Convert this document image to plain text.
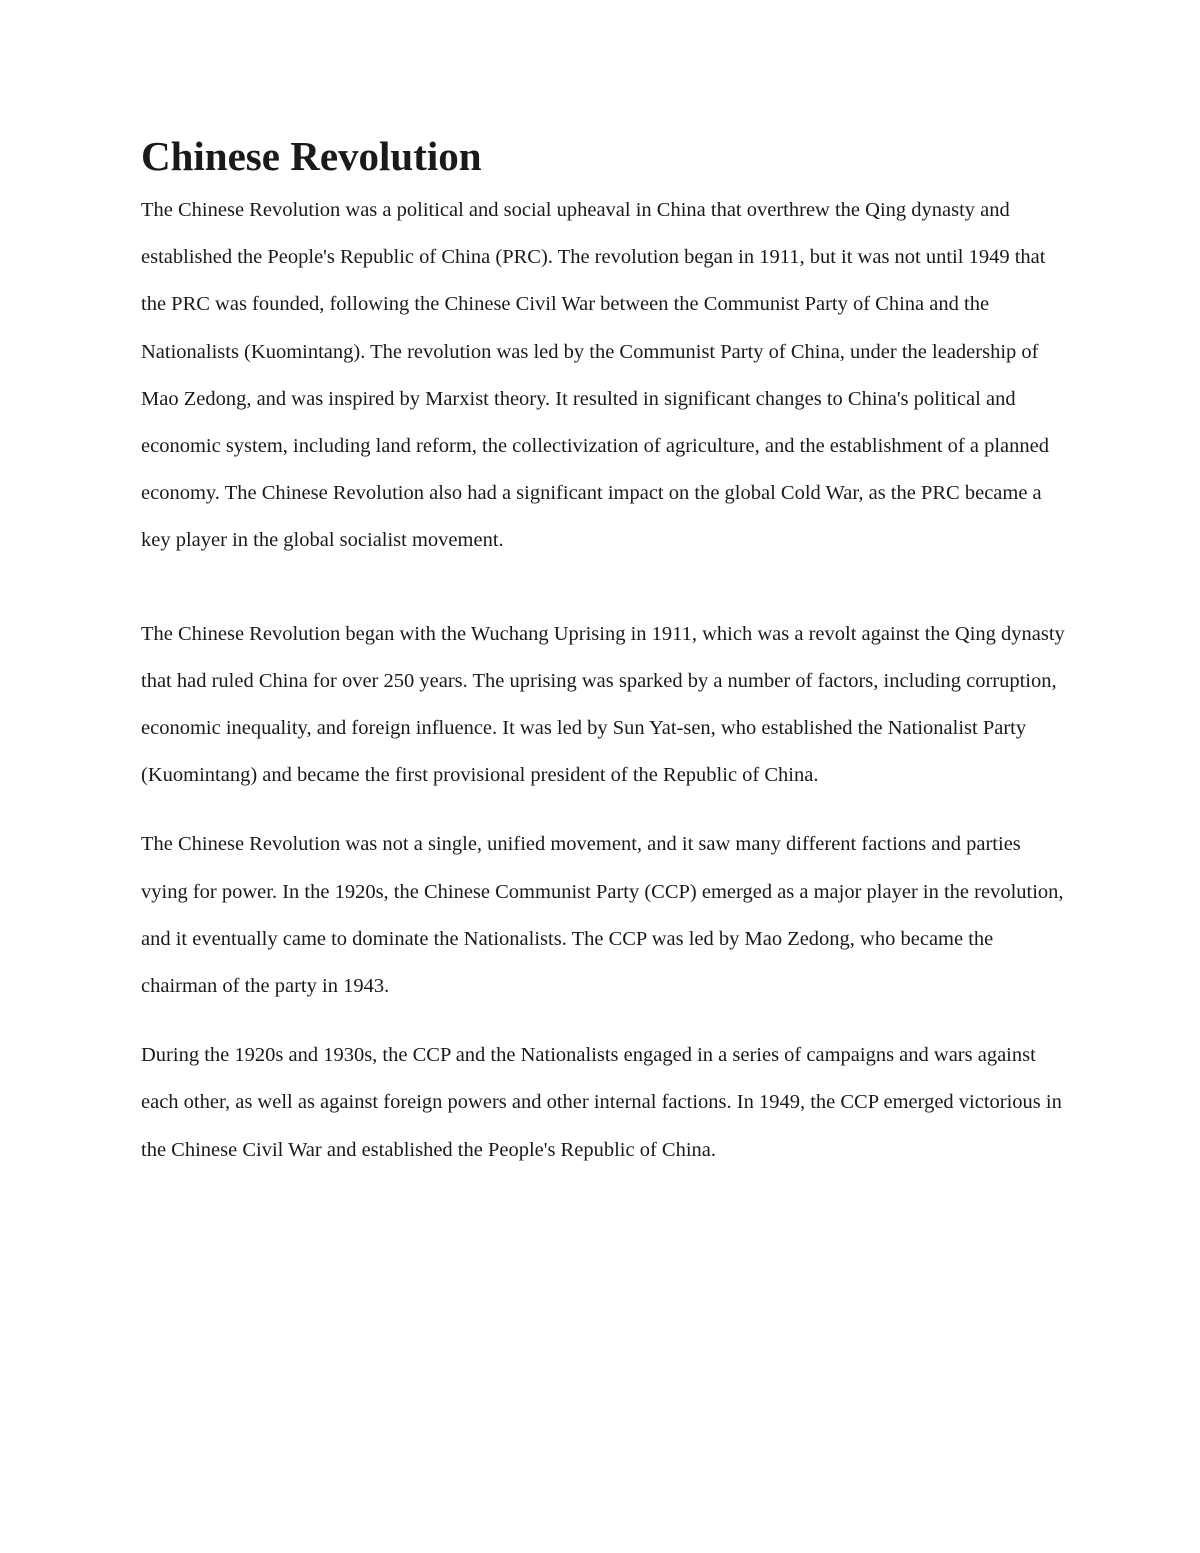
Chinese Revolution

The Chinese Revolution was a political and social upheaval in China that overthrew the Qing dynasty and established the People's Republic of China (PRC). The revolution began in 1911, but it was not until 1949 that the PRC was founded, following the Chinese Civil War between the Communist Party of China and the Nationalists (Kuomintang). The revolution was led by the Communist Party of China, under the leadership of Mao Zedong, and was inspired by Marxist theory. It resulted in significant changes to China's political and economic system, including land reform, the collectivization of agriculture, and the establishment of a planned economy. The Chinese Revolution also had a significant impact on the global Cold War, as the PRC became a key player in the global socialist movement.

The Chinese Revolution began with the Wuchang Uprising in 1911, which was a revolt against the Qing dynasty that had ruled China for over 250 years. The uprising was sparked by a number of factors, including corruption, economic inequality, and foreign influence. It was led by Sun Yat-sen, who established the Nationalist Party (Kuomintang) and became the first provisional president of the Republic of China.

The Chinese Revolution was not a single, unified movement, and it saw many different factions and parties vying for power. In the 1920s, the Chinese Communist Party (CCP) emerged as a major player in the revolution, and it eventually came to dominate the Nationalists. The CCP was led by Mao Zedong, who became the chairman of the party in 1943.

During the 1920s and 1930s, the CCP and the Nationalists engaged in a series of campaigns and wars against each other, as well as against foreign powers and other internal factions. In 1949, the CCP emerged victorious in the Chinese Civil War and established the People's Republic of China.
